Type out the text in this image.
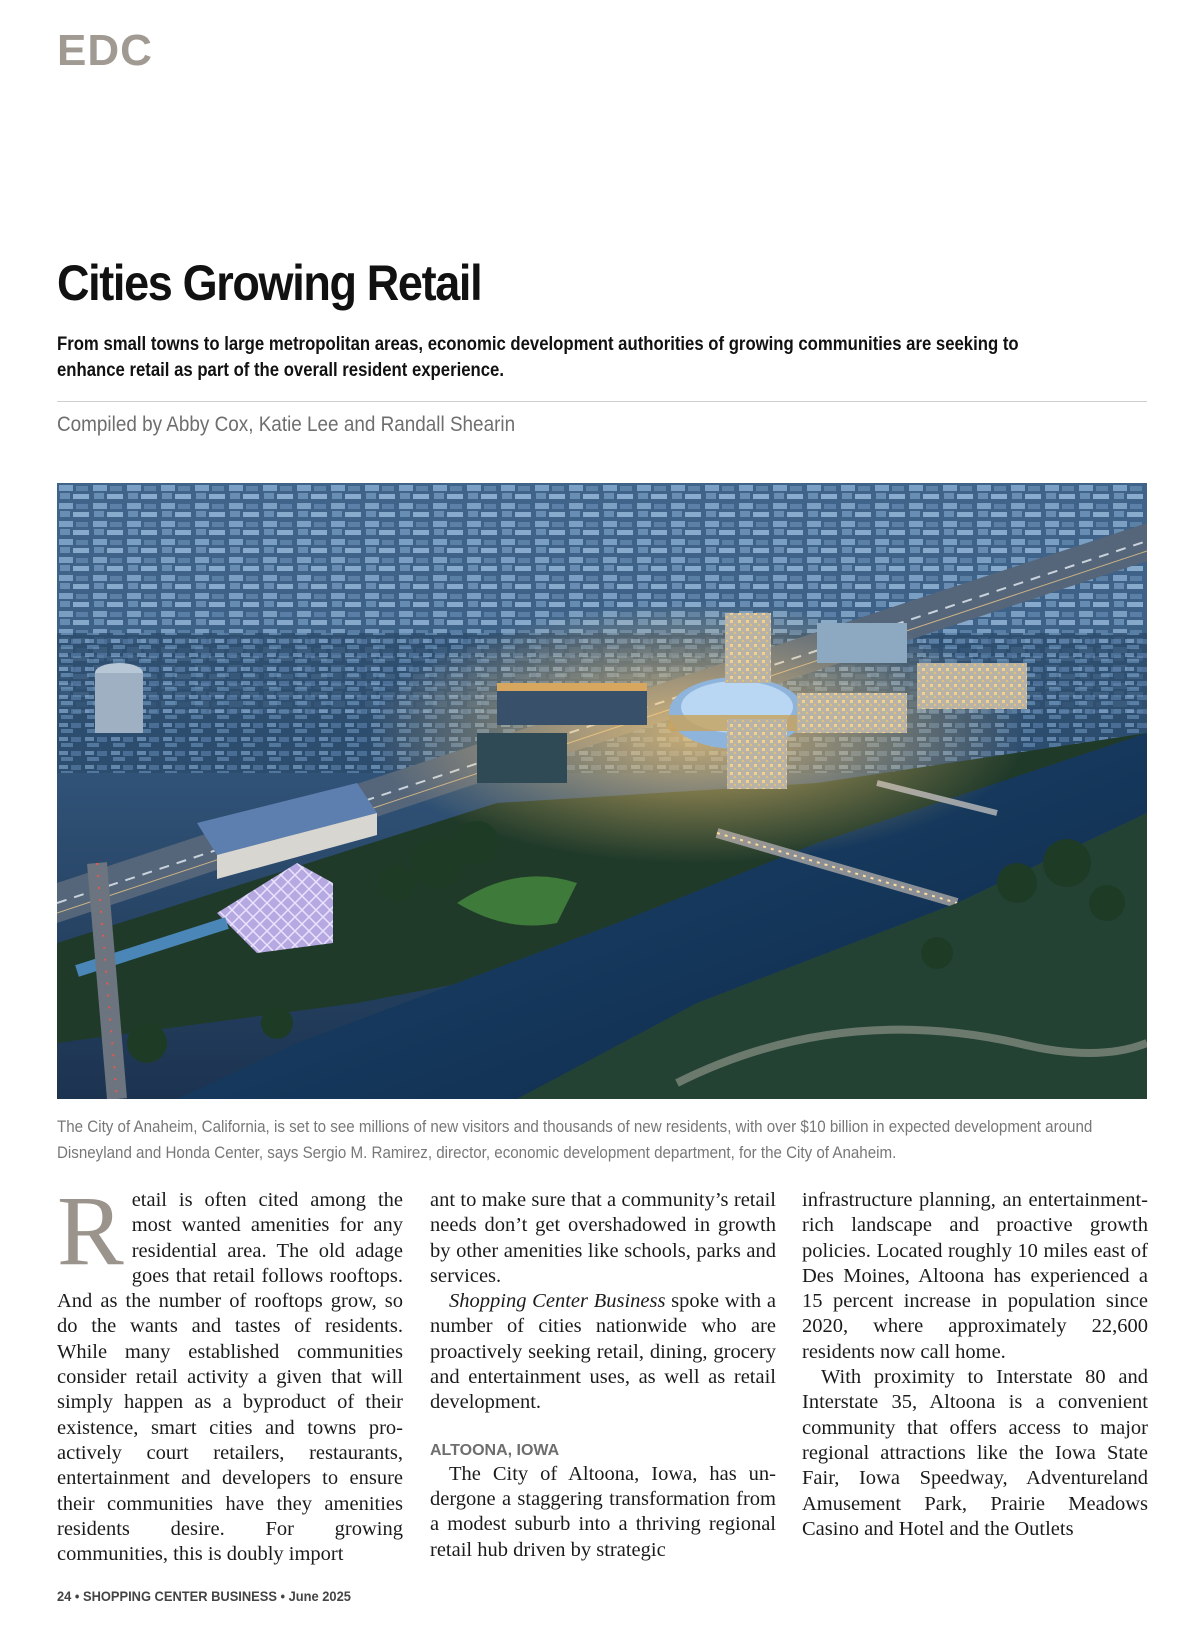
EDC
Cities Growing Retail

From small towns to large metropolitan areas, economic development authorities of growing communities are seeking to enhance retail as part of the overall resident experience.

Compiled by Abby Cox, Katie Lee and Randall Shearin

The City of Anaheim, California, is set to see millions of new visitors and thousands of new residents, with over $10 billion in expected development around Disneyland and Honda Center, says Sergio M. Ramirez, director, economic development department, for the City of Anaheim.

Retail is often cited among the most wanted amenities for any residential area. The old adage goes that retail follows rooftops. And as the number of rooftops grow, so do the wants and tastes of residents. While many established communities consider retail activity a given that will simply happen as a byproduct of their existence, smart cities and towns proactively court retailers, restaurants, entertainment and developers to ensure their communities have they amenities residents desire. For growing communities, this is doubly import

ant to make sure that a community’s retail needs don’t get overshadowed in growth by other amenities like schools, parks and services.

Shopping Center Business spoke with a number of cities nationwide who are proactively seeking retail, dining, grocery and entertainment uses, as well as retail development.

ALTOONA, IOWA

The City of Altoona, Iowa, has undergone a staggering transformation from a modest suburb into a thriving regional retail hub driven by strategic

infrastructure planning, an entertainment-rich landscape and proactive growth policies. Located roughly 10 miles east of Des Moines, Altoona has experienced a 15 percent increase in population since 2020, where approximately 22,600 residents now call home.

With proximity to Interstate 80 and Interstate 35, Altoona is a convenient community that offers access to major regional attractions like the Iowa State Fair, Iowa Speedway, Adventureland Amusement Park, Prairie Meadows Casino and Hotel and the Outlets

24 • SHOPPING CENTER BUSINESS • June 2025
